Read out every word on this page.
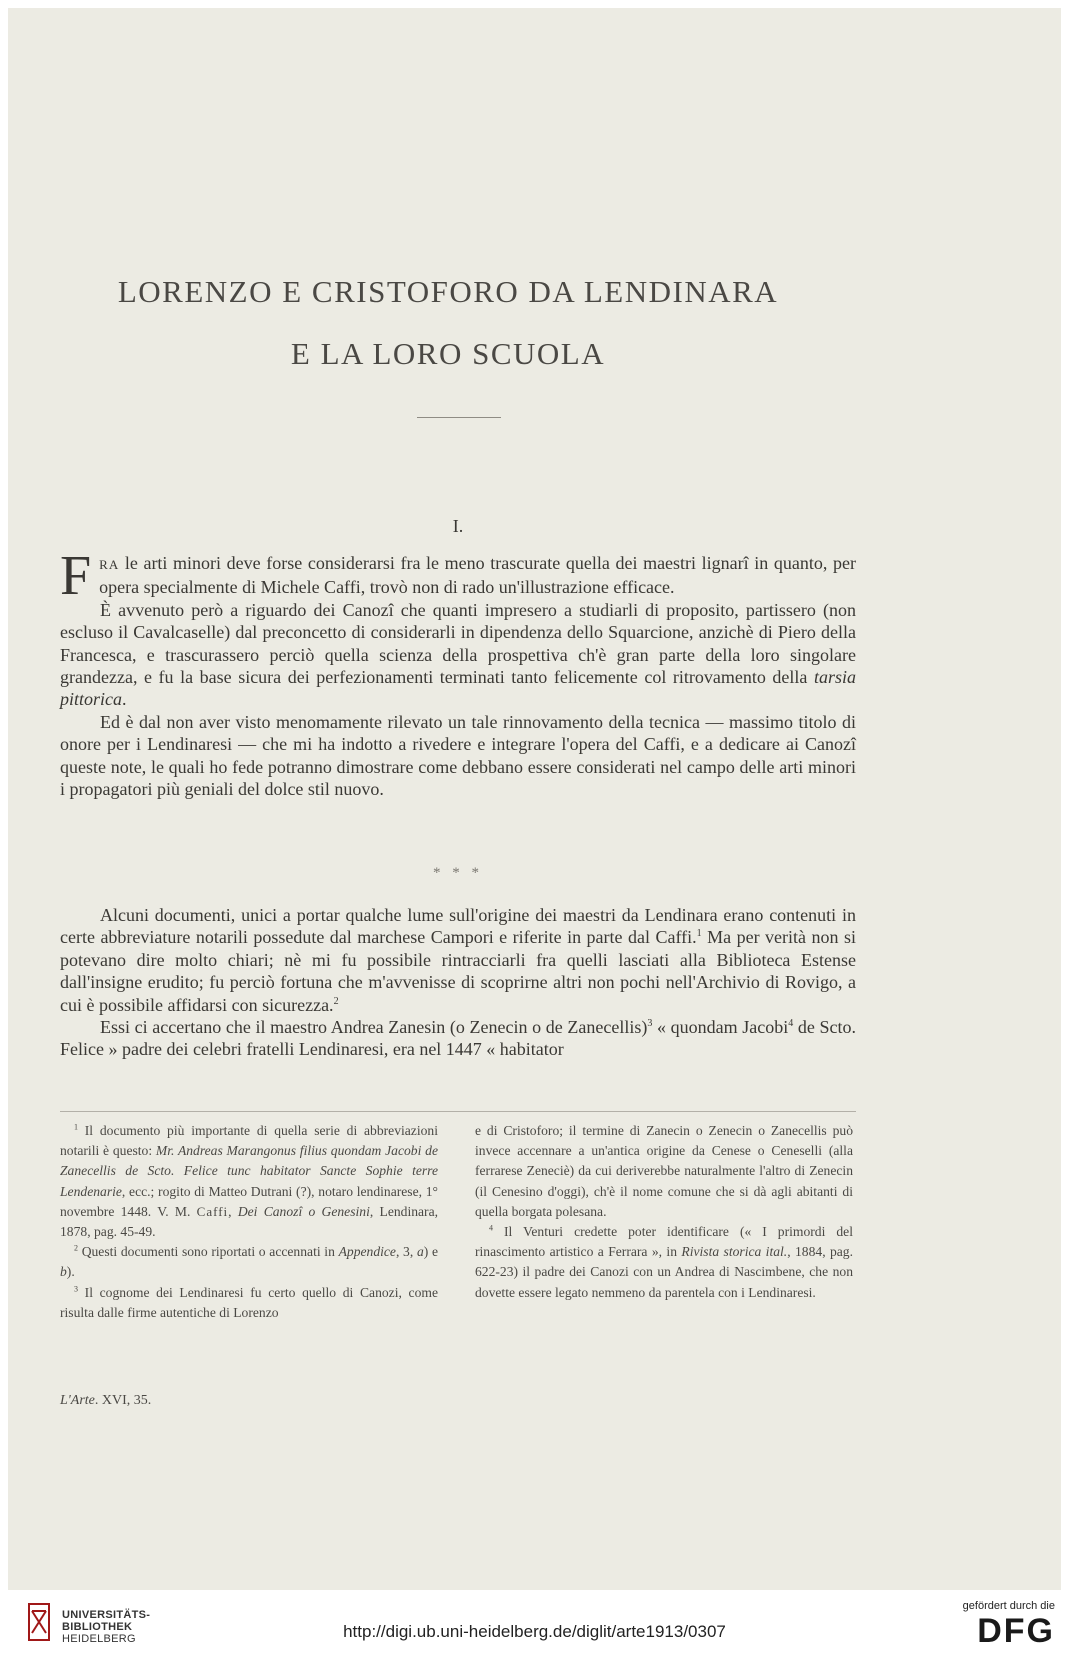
LORENZO E CRISTOFORO DA LENDINARA
E LA LORO SCUOLA
I.

FRA le arti minori deve forse considerarsi fra le meno trascurate quella dei maestri lignarî in quanto, per opera specialmente di Michele Caffi, trovò non di rado un'illustrazione efficace.

È avvenuto però a riguardo dei Canozî che quanti impresero a studiarli di proposito, partissero (non escluso il Cavalcaselle) dal preconcetto di considerarli in dipendenza dello Squarcione, anzichè di Piero della Francesca, e trascurassero perciò quella scienza della prospettiva ch'è gran parte della loro singolare grandezza, e fu la base sicura dei perfezionamenti terminati tanto felicemente col ritrovamento della tarsia pittorica.

Ed è dal non aver visto menomamente rilevato un tale rinnovamento della tecnica — massimo titolo di onore per i Lendinaresi — che mi ha indotto a rivedere e integrare l'opera del Caffi, e a dedicare ai Canozî queste note, le quali ho fede potranno dimostrare come debbano essere considerati nel campo delle arti minori i propagatori più geniali del dolce stil nuovo.

* * *

Alcuni documenti, unici a portar qualche lume sull'origine dei maestri da Lendinara erano contenuti in certe abbreviature notarili possedute dal marchese Campori e riferite in parte dal Caffi.$^1$ Ma per verità non si potevano dire molto chiari; nè mi fu possibile rintracciarli fra quelli lasciati alla Biblioteca Estense dall'insigne erudito; fu perciò fortuna che m'avvenisse di scoprirne altri non pochi nell'Archivio di Rovigo, a cui è possibile affidarsi con sicurezza.$^2$

Essi ci accertano che il maestro Andrea Zanesin (o Zenecin o de Zanecellis)$^3$ « quondam Jacobi$^4$ de Scto. Felice » padre dei celebri fratelli Lendinaresi, era nel 1447 « habitator

$^1$ Il documento più importante di quella serie di abbreviazioni notarili è questo: Mr. Andreas Marangonus filius quondam Jacobi de Zanecellis de Scto. Felice tunc habitator Sancte Sophie terre Lendenarie, ecc.; rogito di Matteo Dutrani (?), notaro lendinarese, 1° novembre 1448. V. M. Caffi, Dei Canozî o Genesini, Lendinara, 1878, pag. 45-49.

$^2$ Questi documenti sono riportati o accennati in Appendice, 3, a) e b).

$^3$ Il cognome dei Lendinaresi fu certo quello di Canozi, come risulta dalle firme autentiche di Lorenzo

e di Cristoforo; il termine di Zanecin o Zenecin o Zanecellis può invece accennare a un'antica origine da Cenese o Ceneselli (alla ferrarese Zeneciè) da cui deriverebbe naturalmente l'altro di Zenecin (il Cenesino d'oggi), ch'è il nome comune che si dà agli abitanti di quella borgata polesana.

$^4$ Il Venturi credette poter identificare (« I primordi del rinascimento artistico a Ferrara », in Rivista storica ital., 1884, pag. 622-23) il padre dei Canozi con un Andrea di Nascimbene, che non dovette essere legato nemmeno da parentela con i Lendinaresi.

L'Arte. XVI, 35.
UNIVERSITÄTS-
BIBLIOTHEK
HEIDELBERG	http://digi.ub.uni-heidelberg.de/diglit/arte1913/0307
gefördert durch die
DFG
